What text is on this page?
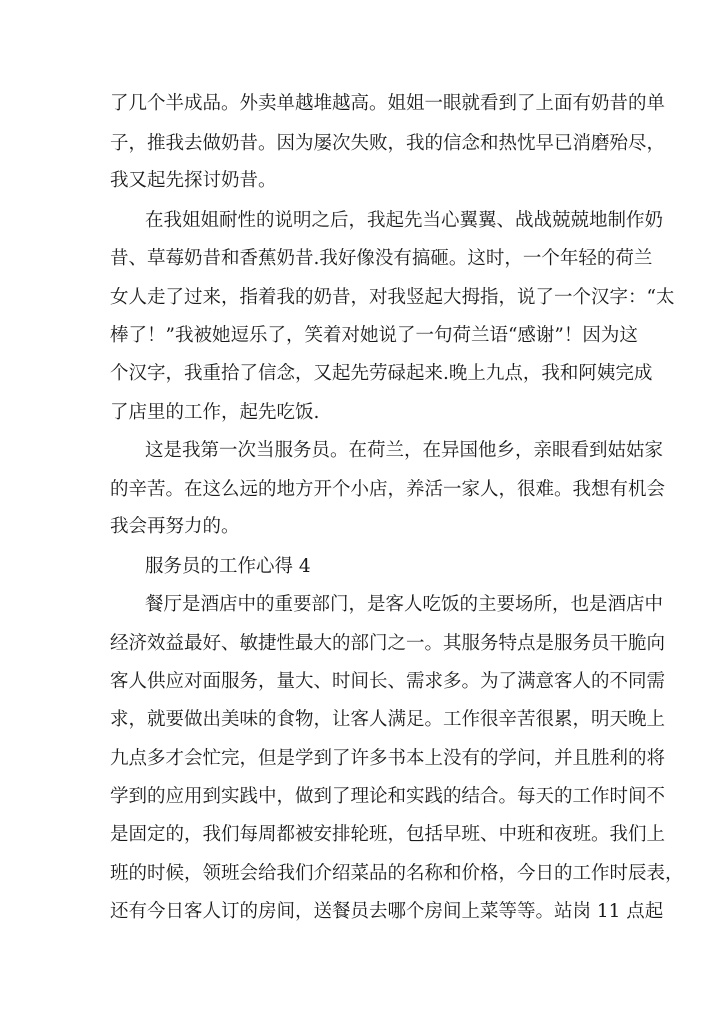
了几个半成品。外卖单越堆越高。姐姐一眼就看到了上面有奶昔的单
子，推我去做奶昔。因为屡次失败，我的信念和热忱早已消磨殆尽，
我又起先探讨奶昔。
在我姐姐耐性的说明之后，我起先当心翼翼、战战兢兢地制作奶
昔、草莓奶昔和香蕉奶昔.我好像没有搞砸。这时，一个年轻的荷兰
女人走了过来，指着我的奶昔，对我竖起大拇指，说了一个汉字：“太
棒了！”我被她逗乐了，笑着对她说了一句荷兰语“感谢”！因为这
个汉字，我重拾了信念，又起先劳碌起来.晚上九点，我和阿姨完成
了店里的工作，起先吃饭.
这是我第一次当服务员。在荷兰，在异国他乡，亲眼看到姑姑家
的辛苦。在这么远的地方开个小店，养活一家人，很难。我想有机会
我会再努力的。
服务员的工作心得 4
餐厅是酒店中的重要部门，是客人吃饭的主要场所，也是酒店中
经济效益最好、敏捷性最大的部门之一。其服务特点是服务员干脆向
客人供应对面服务，量大、时间长、需求多。为了满意客人的不同需
求，就要做出美味的食物，让客人满足。工作很辛苦很累，明天晚上
九点多才会忙完，但是学到了许多书本上没有的学问，并且胜利的将
学到的应用到实践中，做到了理论和实践的结合。每天的工作时间不
是固定的，我们每周都被安排轮班，包括早班、中班和夜班。我们上
班的时候，领班会给我们介绍菜品的名称和价格，今日的工作时辰表，
还有今日客人订的房间，送餐员去哪个房间上菜等等。站岗 11 点起
